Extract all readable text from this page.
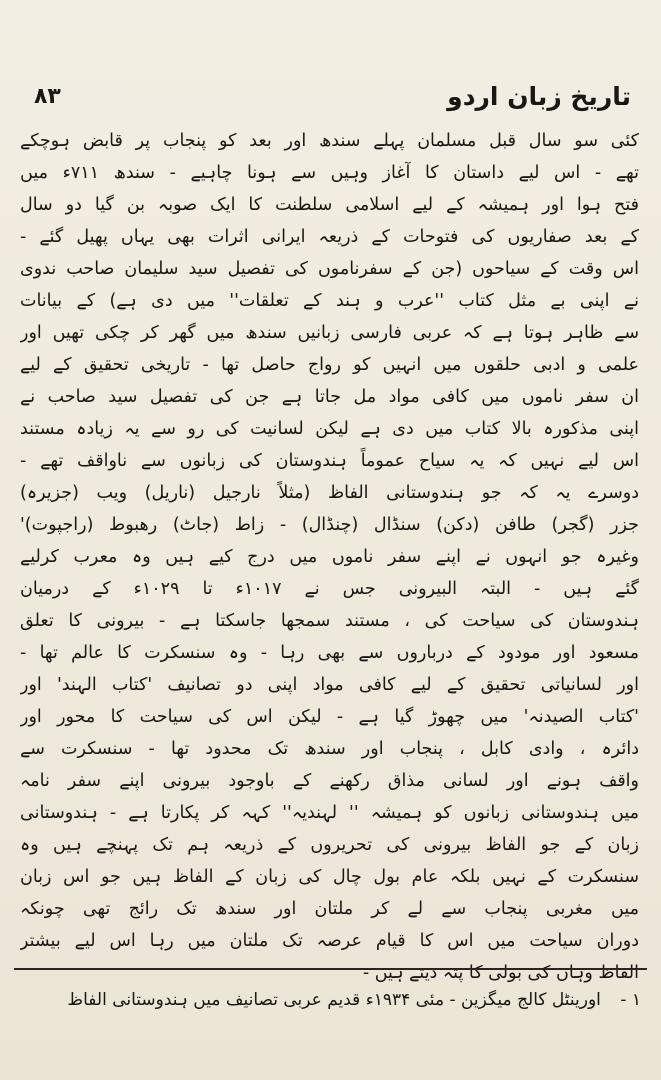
تاریخ زبان اردو
۸۳
کئی سو سال قبل مسلمان پہلے سندھ اور بعد کو پنجاب پر قابض ہوچکے
تھے - اس لیے داستان کا آغاز وہیں سے ہونا چاہیے - سندھ ۷۱۱ء میں
فتح ہوا اور ہمیشہ کے لیے اسلامی سلطنت کا ایک صوبہ بن گیا دو سال
کے بعد صفاریوں کی فتوحات کے ذریعہ ایرانی اثرات بھی یہاں پھیل گئے -
اس وقت کے سیاحوں (جن کے سفرناموں کی تفصیل سید سلیمان صاحب ندوی
نے اپنی بے مثل کتاب ''عرب و ہند کے تعلقات'' میں دی ہے) کے بیانات
سے ظاہر ہوتا ہے کہ عربی فارسی زبانیں سندھ میں گھر کر چکی تھیں اور
علمی و ادبی حلقوں میں انہیں کو رواج حاصل تھا - تاریخی تحقیق کے لیے
ان سفر ناموں میں کافی مواد مل جاتا ہے جن کی تفصیل سید صاحب نے
اپنی مذکورہ بالا کتاب میں دی ہے لیکن لسانیت کی رو سے یہ زیادہ مستند
اس لیے نہیں کہ یہ سیاح عموماً ہندوستان کی زبانوں سے ناواقف تھے -
دوسرے یہ کہ جو ہندوستانی الفاظ (مثلاً نارجیل (ناریل) ویب (جزیرہ)
جزر (گجر) طافن (دکن) سنڈال (چنڈال) - زاط (جاٹ) رھبوط (راجپوت)'
وغیرہ جو انہوں نے اپنے سفر ناموں میں درج کیے ہیں وہ معرب کرلیے
گئے ہیں - البتہ البیرونی جس نے ۱۰۱۷ء تا ۱۰۲۹ء کے درمیان
ہندوستان کی سیاحت کی ، مستند سمجھا جاسکتا ہے - بیرونی کا تعلق
مسعود اور مودود کے درباروں سے بھی رہا - وہ سنسکرت کا عالم تھا -
اور لسانیاتی تحقیق کے لیے کافی مواد اپنی دو تصانیف 'کتاب الہند' اور
'کتاب الصیدنہ' میں چھوڑ گیا ہے - لیکن اس کی سیاحت کا محور اور
دائرہ ، وادی کابل ، پنجاب اور سندھ تک محدود تھا - سنسکرت سے
واقف ہونے اور لسانی مذاق رکھنے کے باوجود بیرونی اپنے سفر نامہ
میں ہندوستانی زبانوں کو ہمیشہ '' لہندیہ'' کہہ کر پکارتا ہے - ہندوستانی
زبان کے جو الفاظ بیرونی کی تحریروں کے ذریعہ ہم تک پہنچے ہیں وہ
سنسکرت کے نہیں بلکہ عام بول چال کی زبان کے الفاظ ہیں جو اس زبان
میں مغربی پنجاب سے لے کر ملتان اور سندھ تک رائج تھی چونکہ
دوران سیاحت میں اس کا قیام عرصہ تک ملتان میں رہا اس لیے بیشتر
الفاظ وہاں کی بولی کا پتہ دیتے ہیں -
۱ - اورینٹل کالج میگزین - مئی ۱۹۳۴ء قدیم عربی تصانیف میں ہندوستانی الفاظ
